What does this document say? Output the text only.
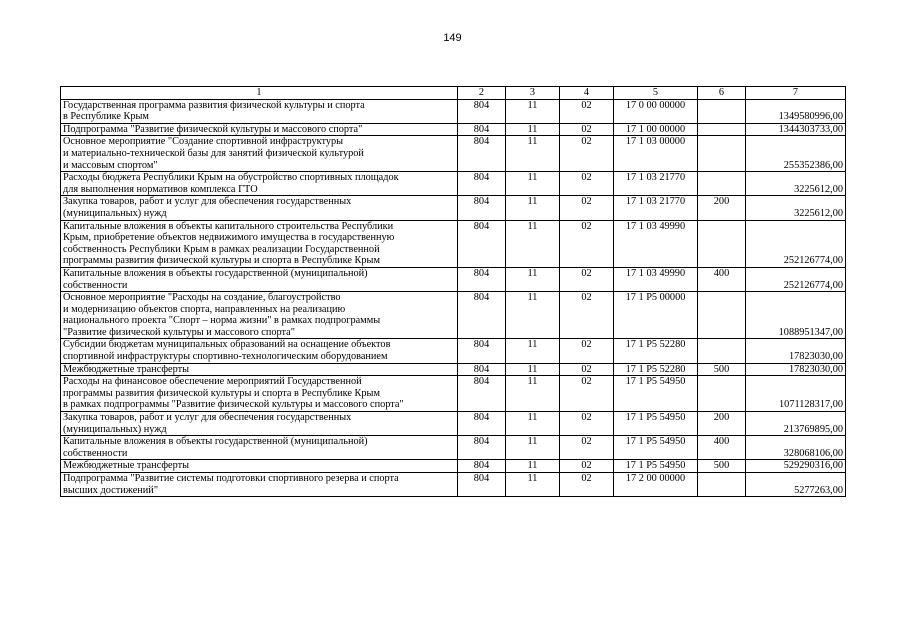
149
1	2	3	4	5	6	7

Государственная программа развития физической культуры и спорта
в Республике Крым	804	11	02	17 0 00 00000		1349580996,00

Подпрограмма "Развитие физической культуры и массового спорта"	804	11	02	17 1 00 00000		1344303733,00

Основное мероприятие "Создание спортивной инфраструктуры
и материально-технической базы для занятий физической культурой
и массовым спортом"	804	11	02	17 1 03 00000		255352386,00

Расходы бюджета Республики Крым на обустройство спортивных площадок
для выполнения нормативов комплекса ГТО	804	11	02	17 1 03 21770		3225612,00

Закупка товаров, работ и услуг для обеспечения государственных
(муниципальных) нужд	804	11	02	17 1 03 21770	200	3225612,00

Капитальные вложения в объекты капитального строительства Республики
Крым, приобретение объектов недвижимого имущества в государственную
собственность Республики Крым в рамках реализации Государственной
программы развития физической культуры и спорта в Республике Крым	804	11	02	17 1 03 49990		252126774,00

Капитальные вложения в объекты государственной (муниципальной)
собственности	804	11	02	17 1 03 49990	400	252126774,00

Основное мероприятие "Расходы на создание, благоустройство
и модернизацию объектов спорта, направленных на реализацию
национального проекта "Спорт – норма жизни" в рамках подпрограммы
"Развитие физической культуры и массового спорта"	804	11	02	17 1 P5 00000		1088951347,00

Субсидии бюджетам муниципальных образований на оснащение объектов
спортивной инфраструктуры спортивно-технологическим оборудованием	804	11	02	17 1 P5 52280		17823030,00

Межбюджетные трансферты	804	11	02	17 1 P5 52280	500	17823030,00

Расходы на финансовое обеспечение мероприятий Государственной
программы развития физической культуры и спорта в Республике Крым
в рамках подпрограммы "Развитие физической культуры и массового спорта"	804	11	02	17 1 P5 54950		1071128317,00

Закупка товаров, работ и услуг для обеспечения государственных
(муниципальных) нужд	804	11	02	17 1 P5 54950	200	213769895,00

Капитальные вложения в объекты государственной (муниципальной)
собственности	804	11	02	17 1 P5 54950	400	328068106,00

Межбюджетные трансферты	804	11	02	17 1 P5 54950	500	529290316,00

Подпрограмма "Развитие системы подготовки спортивного резерва и спорта
высших достижений"	804	11	02	17 2 00 00000		5277263,00
